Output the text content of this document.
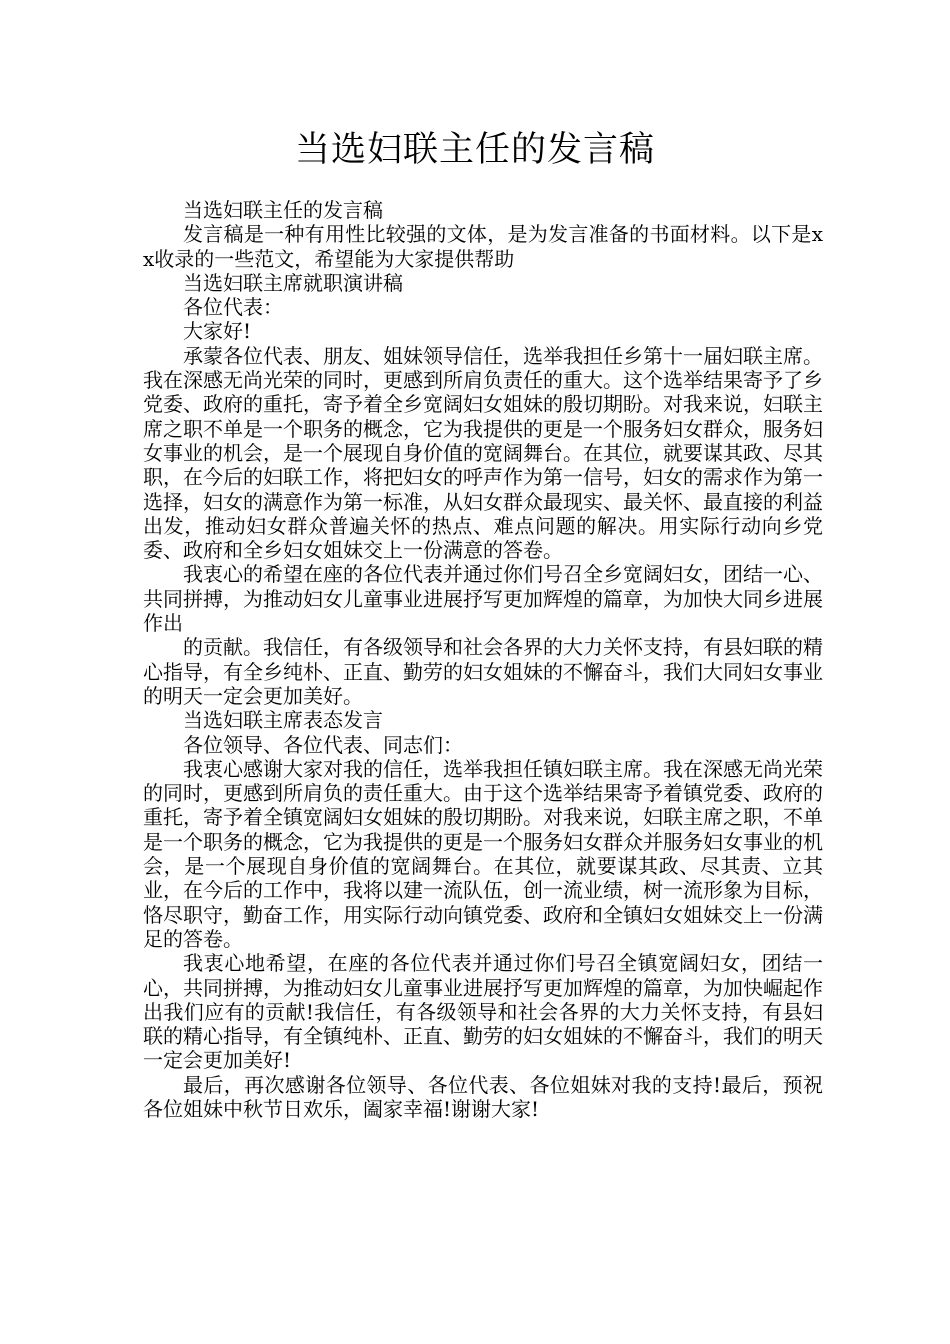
当选妇联主任的发言稿

当选妇联主任的发言稿

发言稿是一种有用性比较强的文体，是为发言准备的书面材料。以下是xx收录的一些范文，希望能为大家提供帮助

当选妇联主席就职演讲稿

各位代表：

大家好!

承蒙各位代表、朋友、姐妹领导信任，选举我担任乡第十一届妇联主席。我在深感无尚光荣的同时，更感到所肩负责任的重大。这个选举结果寄予了乡党委、政府的重托，寄予着全乡宽阔妇女姐妹的殷切期盼。对我来说，妇联主席之职不单是一个职务的概念，它为我提供的更是一个服务妇女群众，服务妇女事业的机会，是一个展现自身价值的宽阔舞台。在其位，就要谋其政、尽其职，在今后的妇联工作，将把妇女的呼声作为第一信号，妇女的需求作为第一选择，妇女的满意作为第一标准，从妇女群众最现实、最关怀、最直接的利益出发，推动妇女群众普遍关怀的热点、难点问题的解决。用实际行动向乡党委、政府和全乡妇女姐妹交上一份满意的答卷。

我衷心的希望在座的各位代表并通过你们号召全乡宽阔妇女，团结一心、共同拼搏，为推动妇女儿童事业进展抒写更加辉煌的篇章，为加快大同乡进展作出

的贡献。我信任，有各级领导和社会各界的大力关怀支持，有县妇联的精心指导，有全乡纯朴、正直、勤劳的妇女姐妹的不懈奋斗，我们大同妇女事业的明天一定会更加美好。

当选妇联主席表态发言

各位领导、各位代表、同志们：

我衷心感谢大家对我的信任，选举我担任镇妇联主席。我在深感无尚光荣的同时，更感到所肩负的责任重大。由于这个选举结果寄予着镇党委、政府的重托，寄予着全镇宽阔妇女姐妹的殷切期盼。对我来说，妇联主席之职，不单是一个职务的概念，它为我提供的更是一个服务妇女群众并服务妇女事业的机会，是一个展现自身价值的宽阔舞台。在其位，就要谋其政、尽其责、立其业，在今后的工作中，我将以建一流队伍，创一流业绩，树一流形象为目标，恪尽职守，勤奋工作，用实际行动向镇党委、政府和全镇妇女姐妹交上一份满足的答卷。

我衷心地希望，在座的各位代表并通过你们号召全镇宽阔妇女，团结一心，共同拼搏，为推动妇女儿童事业进展抒写更加辉煌的篇章，为加快崛起作出我们应有的贡献!我信任，有各级领导和社会各界的大力关怀支持，有县妇联的精心指导，有全镇纯朴、正直、勤劳的妇女姐妹的不懈奋斗，我们的明天一定会更加美好!

最后，再次感谢各位领导、各位代表、各位姐妹对我的支持!最后，预祝各位姐妹中秋节日欢乐，阖家幸福!谢谢大家!
